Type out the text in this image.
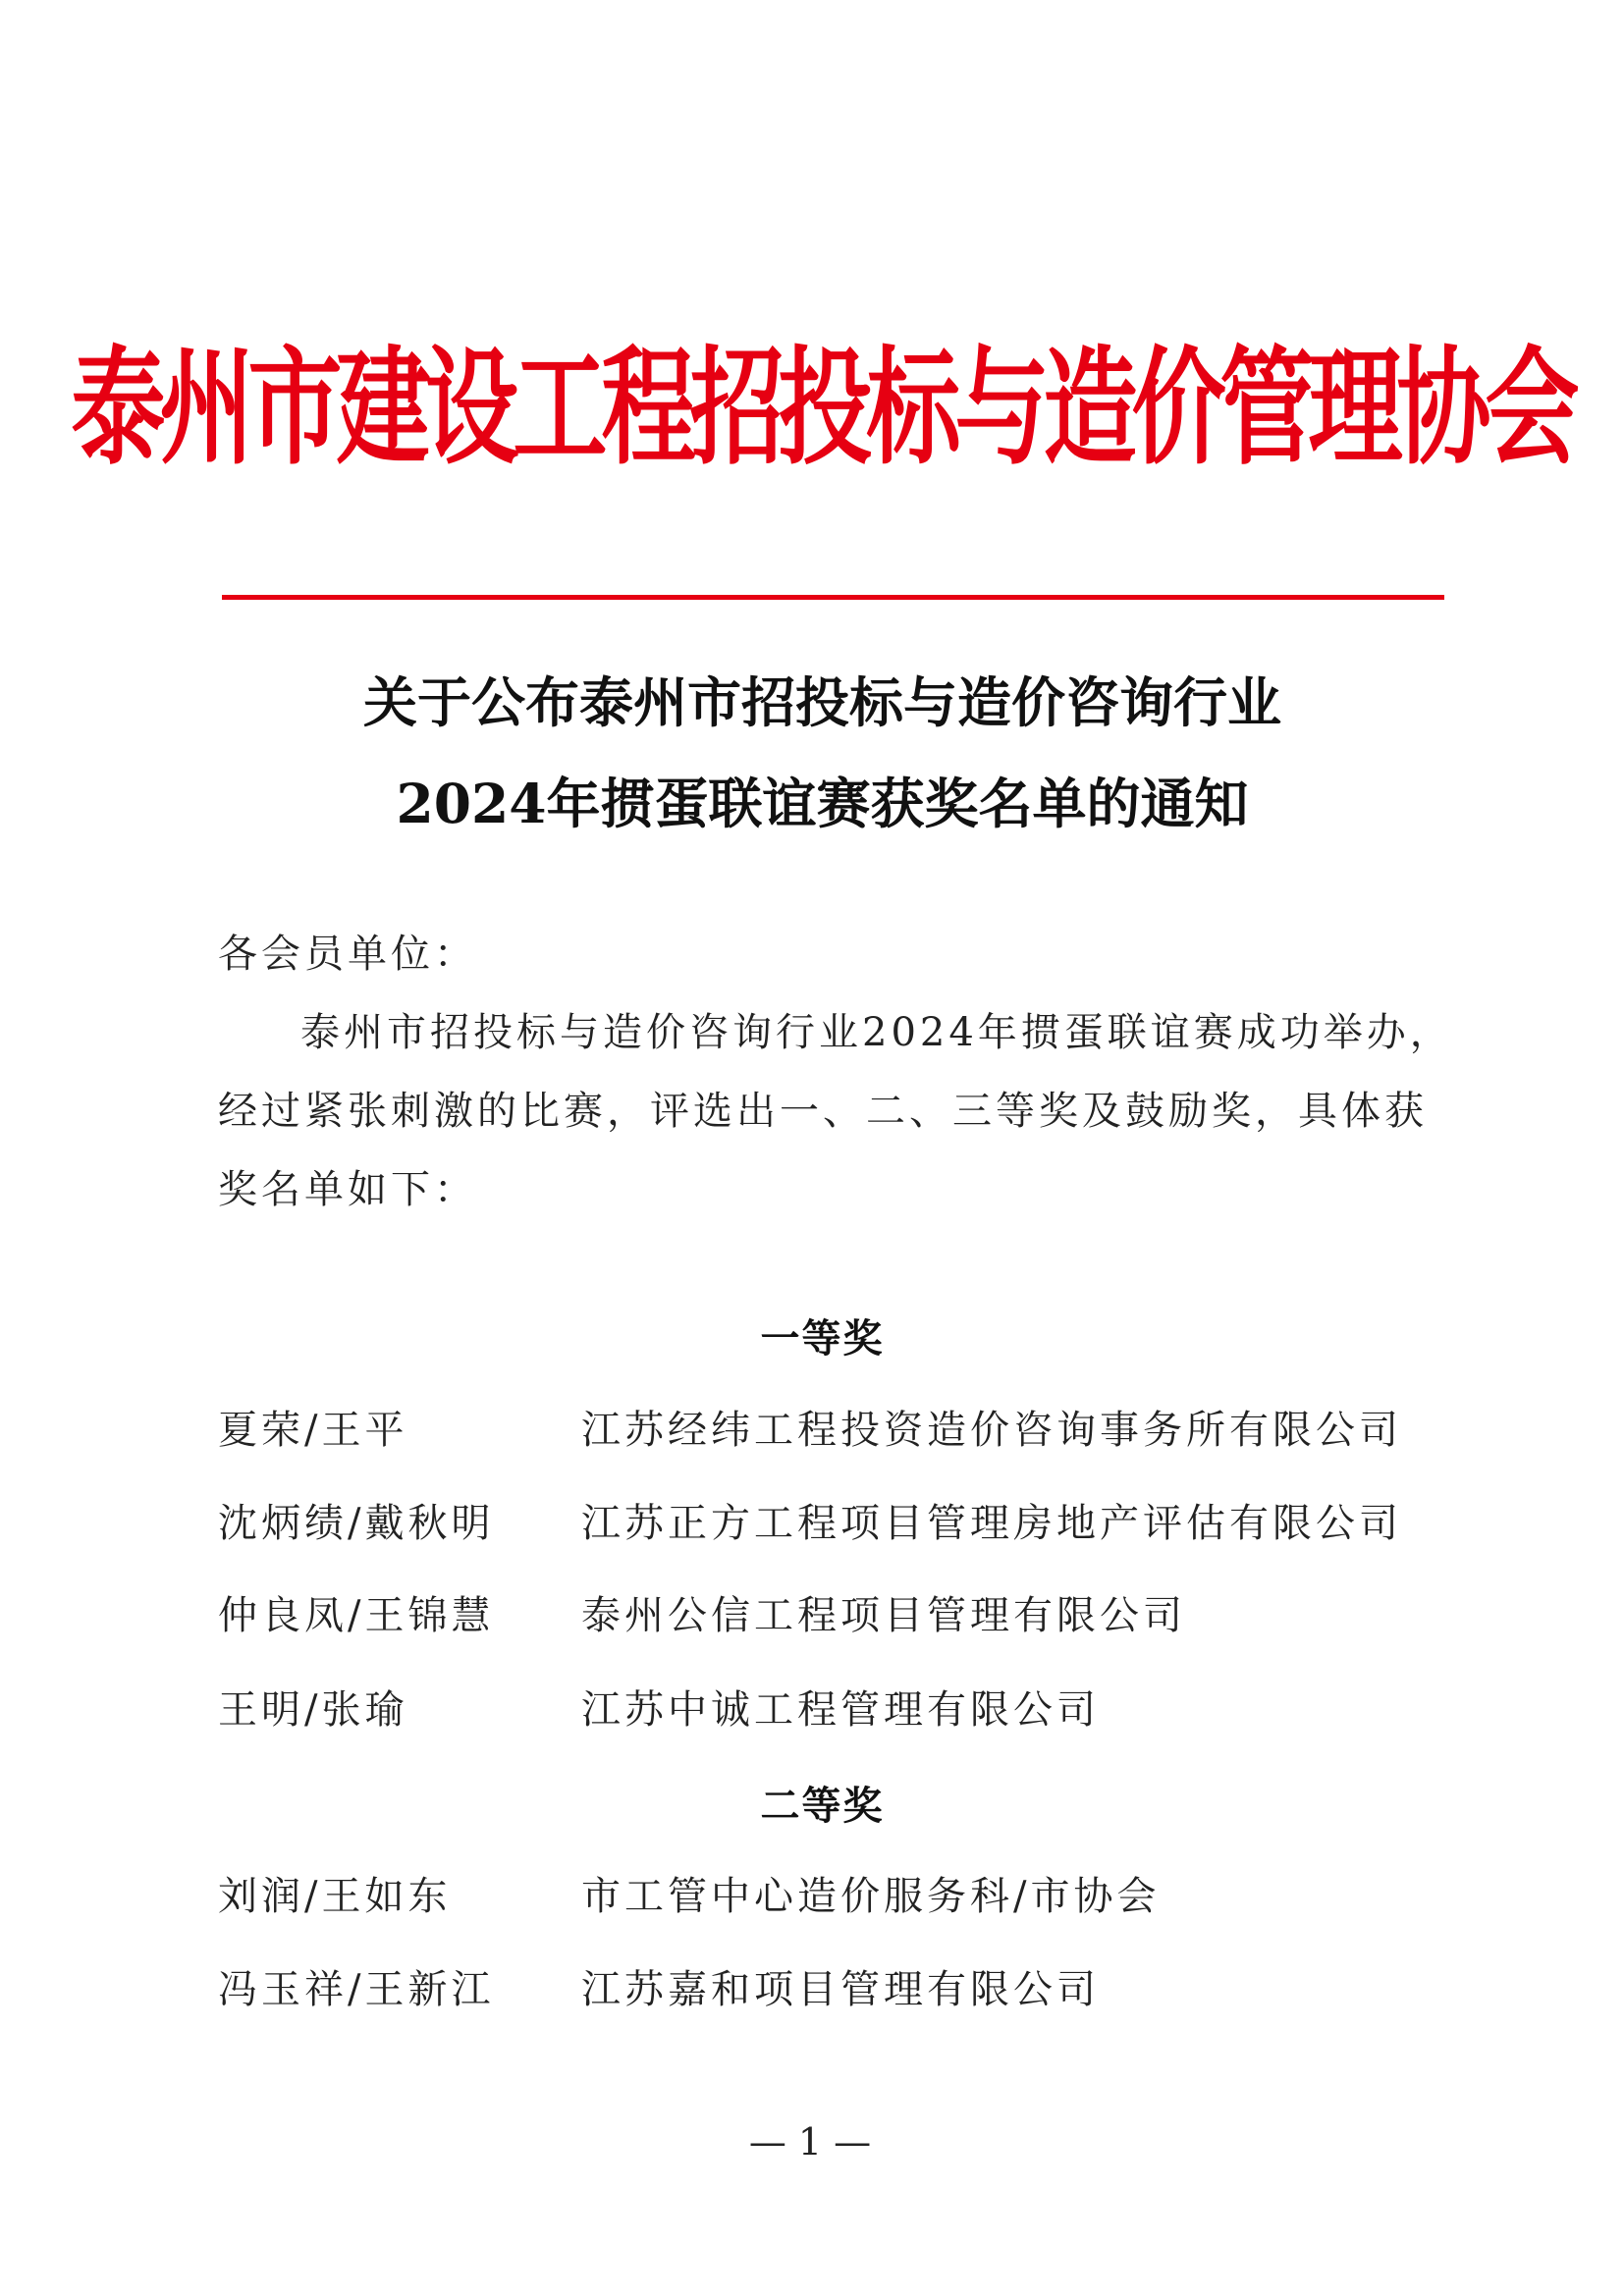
泰州市建设工程招投标与造价管理协会
关于公布泰州市招投标与造价咨询行业
2024年掼蛋联谊赛获奖名单的通知
各会员单位：
泰州市招投标与造价咨询行业2024年掼蛋联谊赛成功举办，
经过紧张刺激的比赛，评选出一、二、三等奖及鼓励奖，具体获
奖名单如下：
一等奖
夏荣/王平	江苏经纬工程投资造价咨询事务所有限公司
沈炳绩/戴秋明 江苏正方工程项目管理房地产评估有限公司
仲良凤/王锦慧 泰州公信工程项目管理有限公司
王明/张瑜	江苏中诚工程管理有限公司
二等奖
刘润/王如东	市工管中心造价服务科/市协会
冯玉祥/王新江 江苏嘉和项目管理有限公司
— 1 —
